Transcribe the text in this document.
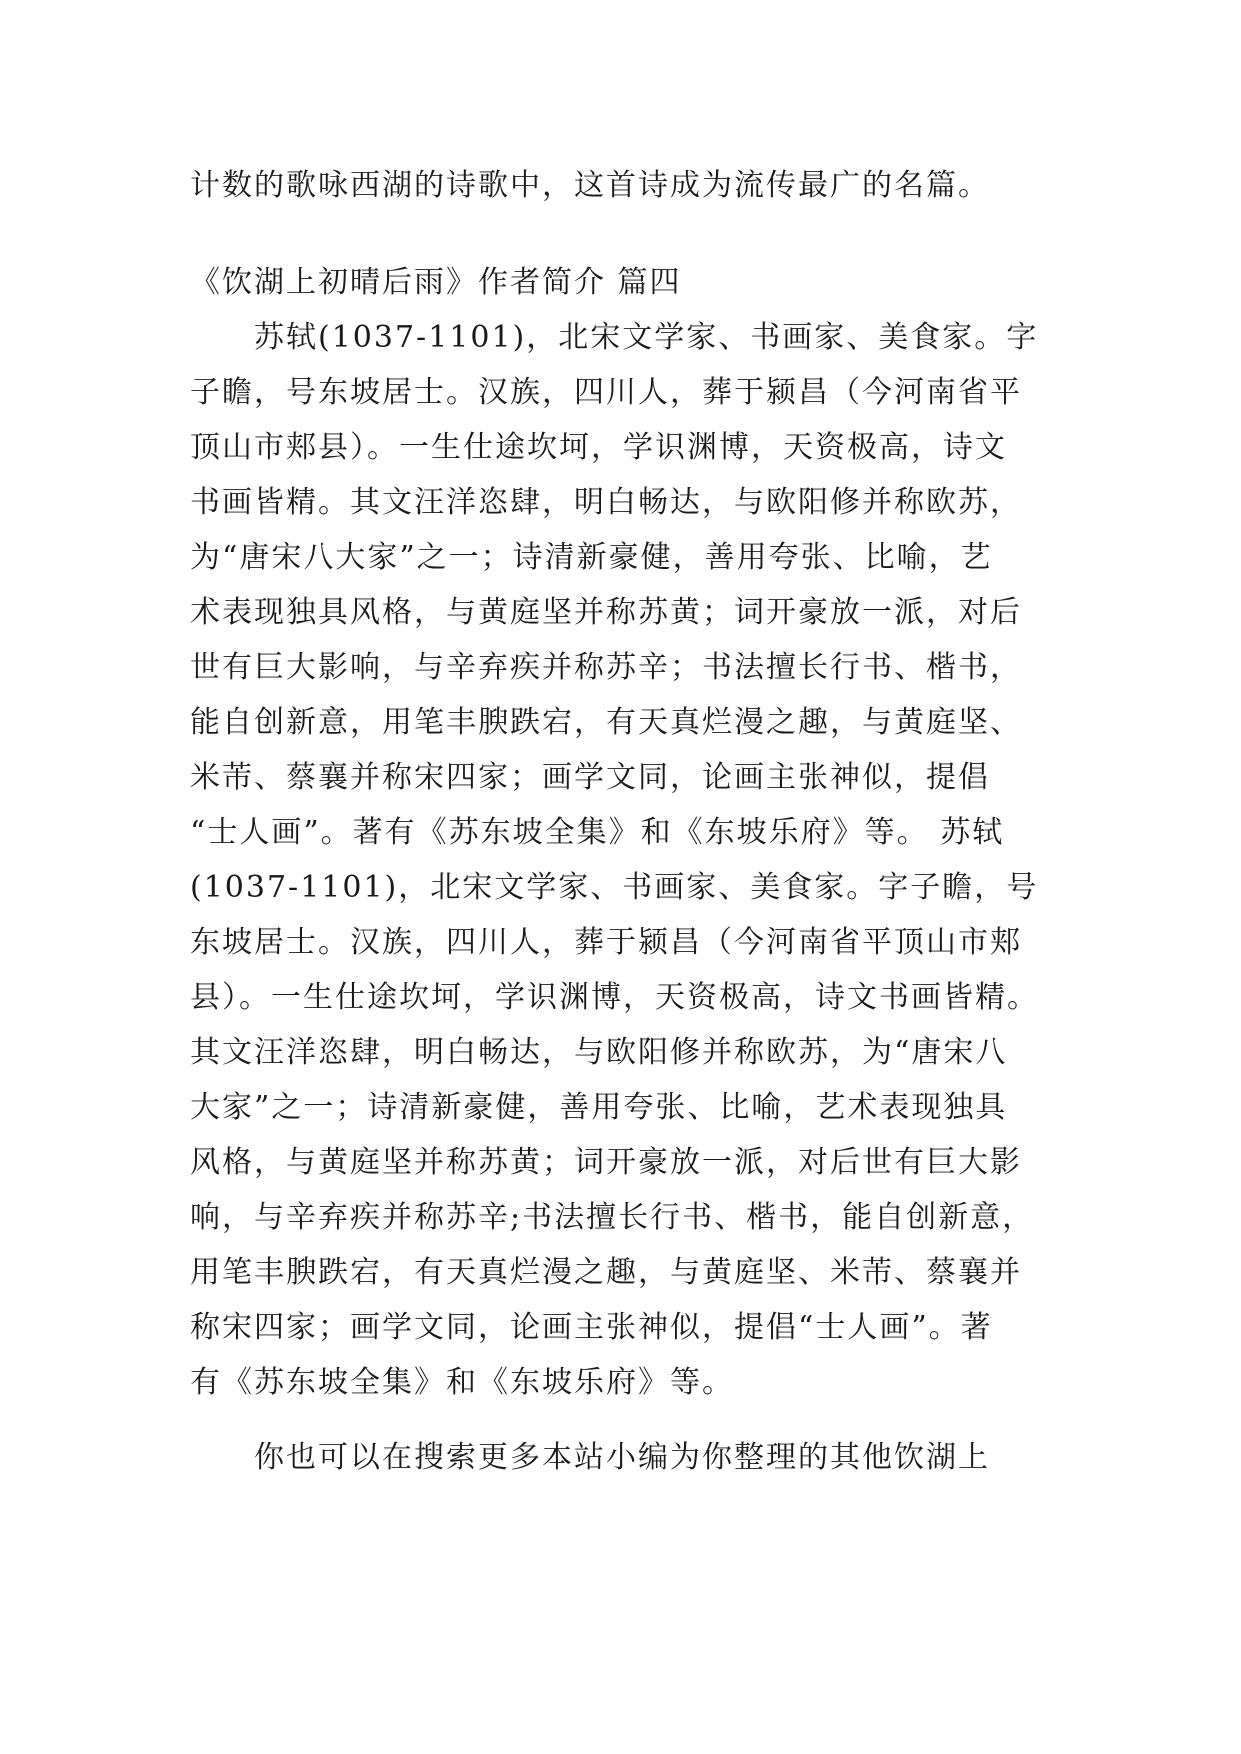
计数的歌咏西湖的诗歌中，这首诗成为流传最广的名篇。
《饮湖上初晴后雨》作者简介 篇四
　　苏轼(1037-1101)，北宋文学家、书画家、美食家。字
子瞻，号东坡居士。汉族，四川人，葬于颍昌（今河南省平
顶山市郏县）。一生仕途坎坷，学识渊博，天资极高，诗文
书画皆精。其文汪洋恣肆，明白畅达，与欧阳修并称欧苏，
为“唐宋八大家”之一；诗清新豪健，善用夸张、比喻，艺
术表现独具风格，与黄庭坚并称苏黄；词开豪放一派，对后
世有巨大影响，与辛弃疾并称苏辛；书法擅长行书、楷书，
能自创新意，用笔丰腴跌宕，有天真烂漫之趣，与黄庭坚、
米芾、蔡襄并称宋四家；画学文同，论画主张神似，提倡
“士人画”。著有《苏东坡全集》和《东坡乐府》等。 苏轼
(1037-1101)，北宋文学家、书画家、美食家。字子瞻，号
东坡居士。汉族，四川人，葬于颍昌（今河南省平顶山市郏
县）。一生仕途坎坷，学识渊博，天资极高，诗文书画皆精。
其文汪洋恣肆，明白畅达，与欧阳修并称欧苏，为“唐宋八
大家”之一；诗清新豪健，善用夸张、比喻，艺术表现独具
风格，与黄庭坚并称苏黄；词开豪放一派，对后世有巨大影
响，与辛弃疾并称苏辛;书法擅长行书、楷书，能自创新意，
用笔丰腴跌宕，有天真烂漫之趣，与黄庭坚、米芾、蔡襄并
称宋四家；画学文同，论画主张神似，提倡“士人画”。著
有《苏东坡全集》和《东坡乐府》等。
　　你也可以在搜索更多本站小编为你整理的其他饮湖上
